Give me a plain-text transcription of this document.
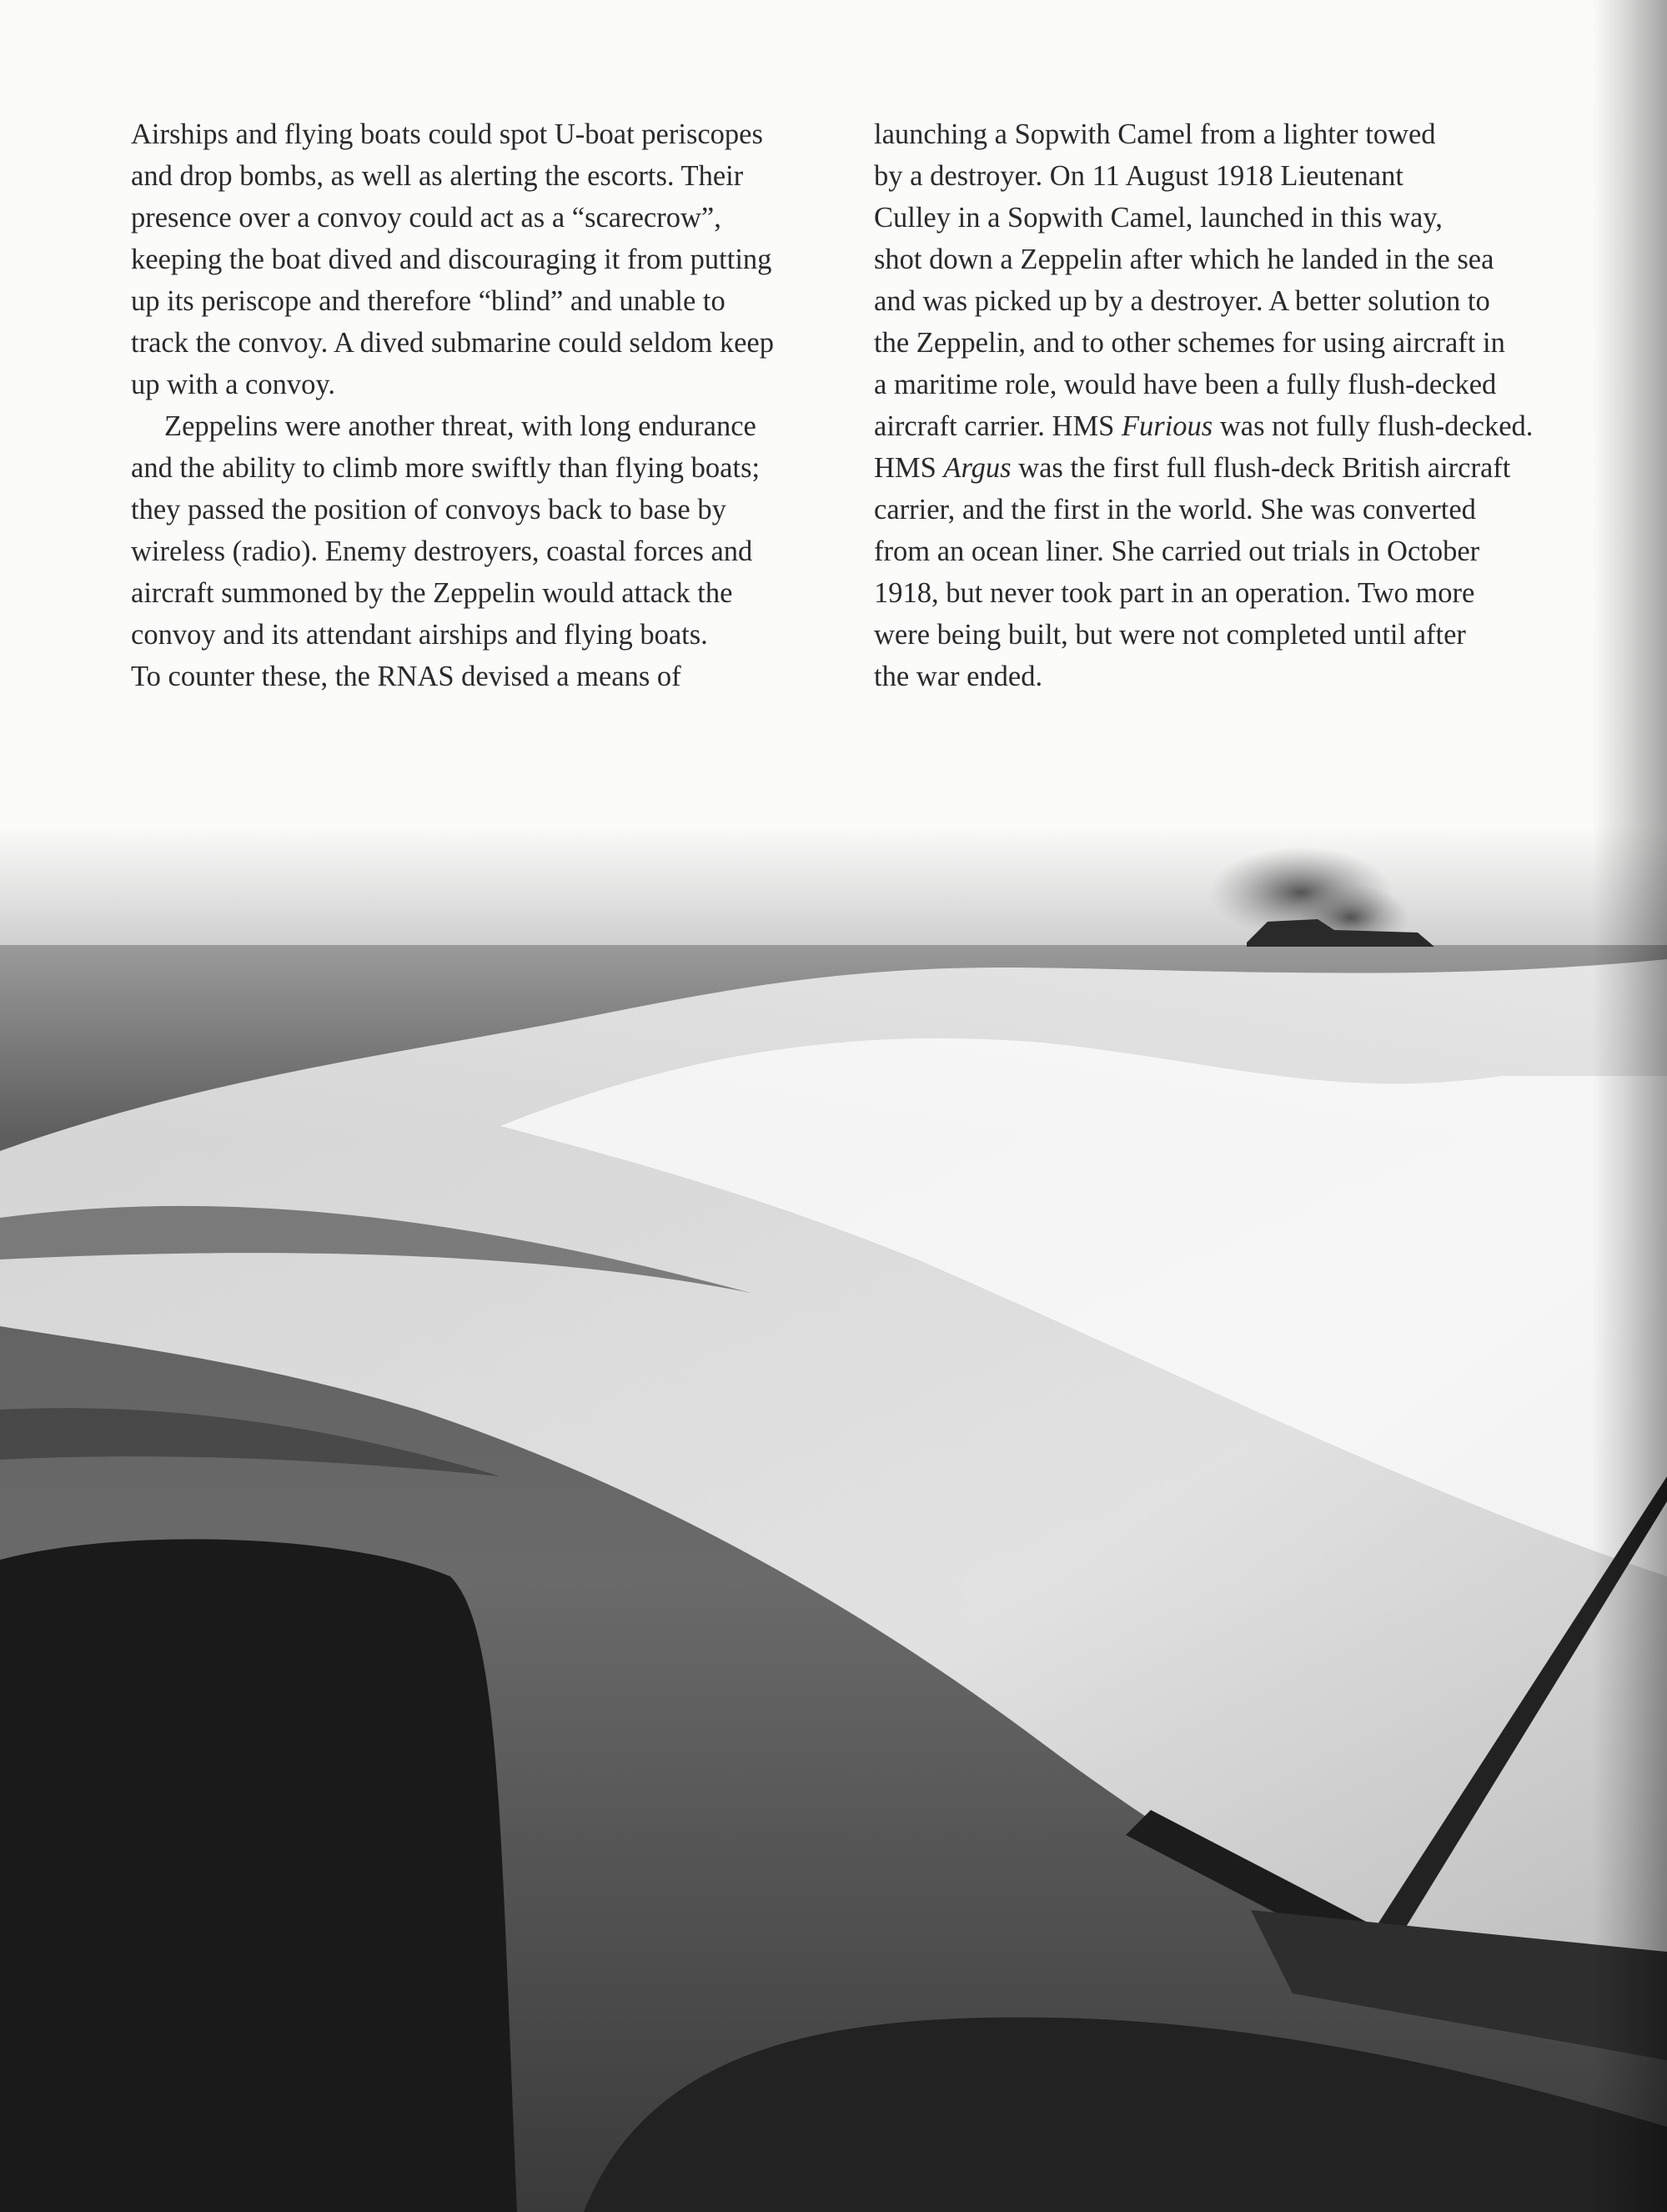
Airships and flying boats could spot U-boat periscopes
and drop bombs, as well as alerting the escorts. Their
presence over a convoy could act as a “scarecrow”,
keeping the boat dived and discouraging it from putting
up its periscope and therefore “blind” and unable to
track the convoy. A dived submarine could seldom keep
up with a convoy.
Zeppelins were another threat, with long endurance
and the ability to climb more swiftly than flying boats;
they passed the position of convoys back to base by
wireless (radio). Enemy destroyers, coastal forces and
aircraft summoned by the Zeppelin would attack the
convoy and its attendant airships and flying boats.
To counter these, the RNAS devised a means of
launching a Sopwith Camel from a lighter towed
by a destroyer. On 11 August 1918 Lieutenant
Culley in a Sopwith Camel, launched in this way,
shot down a Zeppelin after which he landed in the sea
and was picked up by a destroyer. A better solution to
the Zeppelin, and to other schemes for using aircraft in
a maritime role, would have been a fully flush-decked
aircraft carrier. HMS Furious was not fully flush-decked.
HMS Argus was the first full flush-deck British aircraft
carrier, and the first in the world. She was converted
from an ocean liner. She carried out trials in October
1918, but never took part in an operation. Two more
were being built, but were not completed until after
the war ended.
